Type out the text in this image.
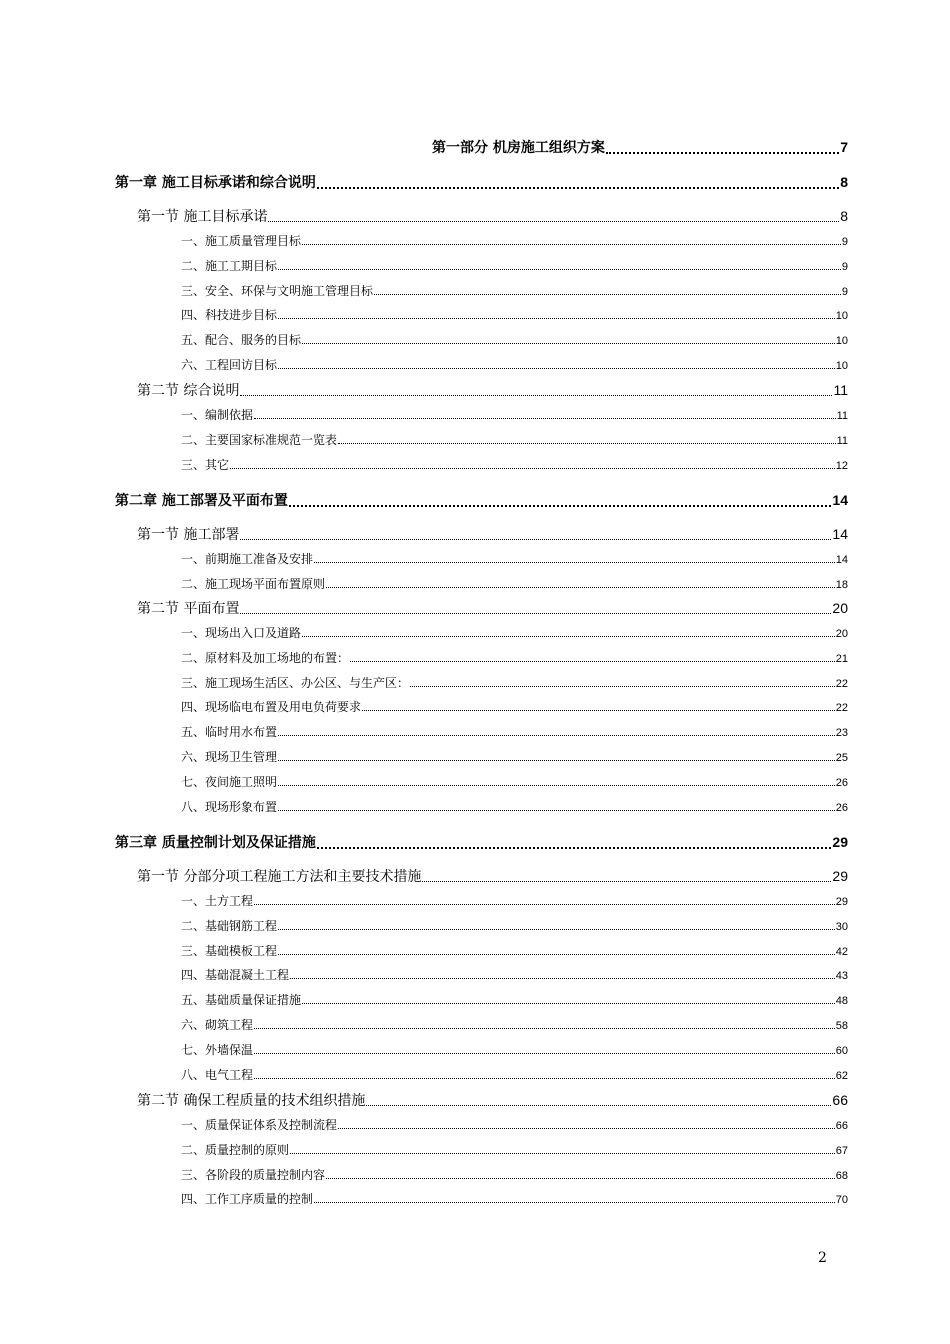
第一部分 机房施工组织方案	7
第一章 施工目标承诺和综合说明	8
第一节 施工目标承诺	8
一、施工质量管理目标	9
二、施工工期目标	9
三、安全、环保与文明施工管理目标	9
四、科技进步目标	10
五、配合、服务的目标	10
六、工程回访目标	10
第二节 综合说明	11
一、编制依据	11
二、主要国家标准规范一览表	11
三、其它	12
第二章 施工部署及平面布置	14
第一节 施工部署	14
一、前期施工准备及安排	14
二、施工现场平面布置原则	18
第二节 平面布置	20
一、现场出入口及道路	20
二、原材料及加工场地的布置：	21
三、施工现场生活区、办公区、与生产区：	22
四、现场临电布置及用电负荷要求	22
五、临时用水布置	23
六、现场卫生管理	25
七、夜间施工照明	26
八、现场形象布置	26
第三章 质量控制计划及保证措施	29
第一节 分部分项工程施工方法和主要技术措施	29
一、土方工程	29
二、基础钢筋工程	30
三、基础模板工程	42
四、基础混凝土工程	43
五、基础质量保证措施	48
六、砌筑工程	58
七、外墙保温	60
八、电气工程	62
第二节 确保工程质量的技术组织措施	66
一、质量保证体系及控制流程	66
二、质量控制的原则	67
三、各阶段的质量控制内容	68
四、工作工序质量的控制	70
2
